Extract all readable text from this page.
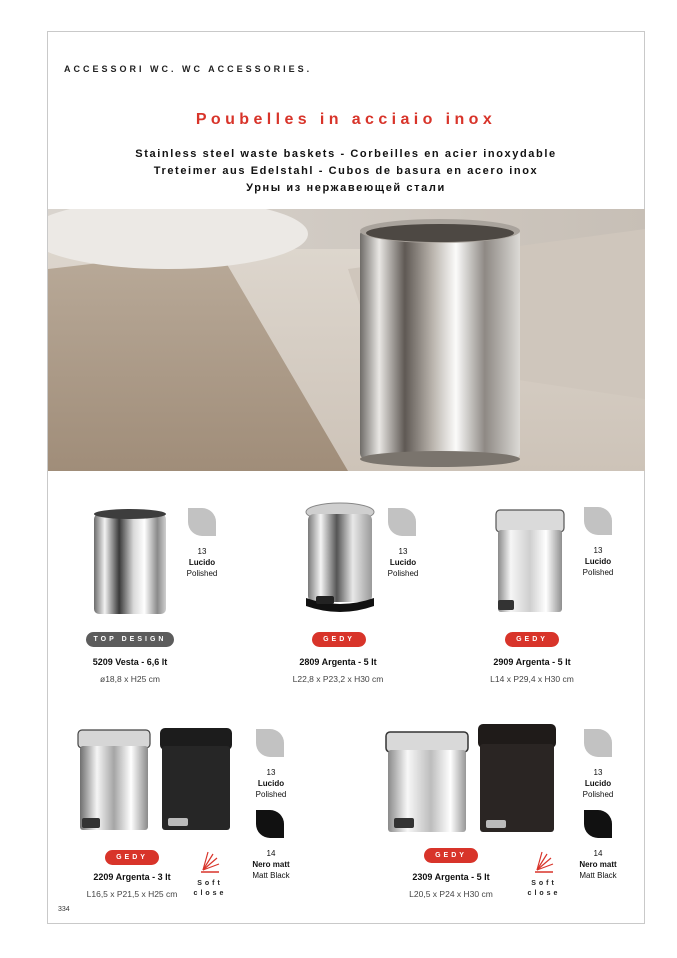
ACCESSORI WC. WC ACCESSORIES.
Poubelles in acciaio inox
Stainless steel waste baskets - Corbeilles en acier inoxydable
Treteimer aus Edelstahl - Cubos de basura en acero inox
Урны из нержавеющей стали
13
Lucido
Polished
TOP DESIGN
5209 Vesta - 6,6 lt
ø18,8 x H25 cm
13
Lucido
Polished
GEDY
2809 Argenta - 5 lt
L22,8 x P23,2 x H30 cm
13
Lucido
Polished
GEDY
2909 Argenta - 5 lt
L14 x P29,4 x H30 cm
13
Lucido
Polished
14
Nero matt
Matt Black
GEDY
2209 Argenta - 3 lt
L16,5 x P21,5 x H25 cm
Soft close
13
Lucido
Polished
14
Nero matt
Matt Black
GEDY
2309 Argenta - 5 lt
L20,5 x P24 x H30 cm
Soft close
334
